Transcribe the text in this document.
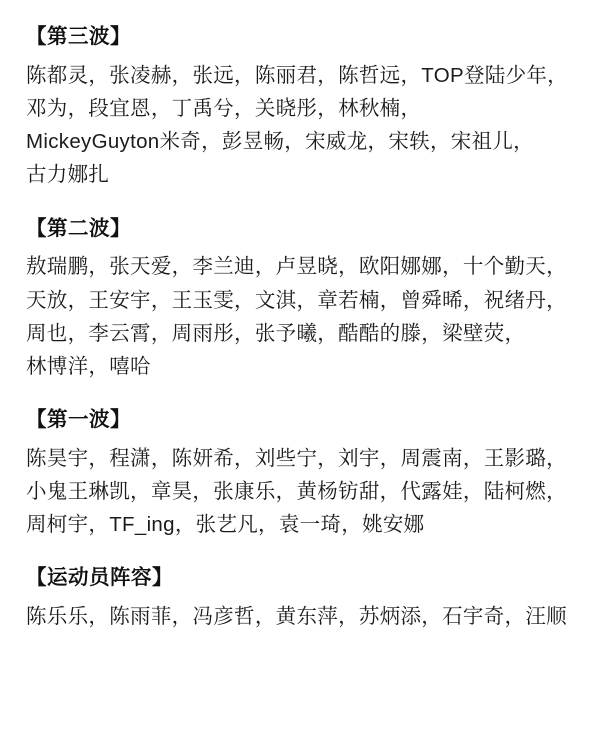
【第三波】
陈都灵，张凌赫，张远，陈丽君，陈哲远，TOP登陆少年，邓为，段宜恩，丁禹兮，关晓彤，林秋楠，MickeyGuyton米奇，彭昱畅，宋威龙，宋轶，宋祖儿，古力娜扎
【第二波】
敖瑞鹏，张天爱，李兰迪，卢昱晓，欧阳娜娜，十个勤天，天放，王安宇，王玉雯，文淇，章若楠，曾舜晞，祝绪丹，周也，李云霄，周雨彤，张予曦，酷酷的滕，梁壁荧，林博洋，嘻哈
【第一波】
陈昊宇，程潇，陈妍希，刘些宁，刘宇，周震南，王影璐，小鬼王琳凯，章昊，张康乐，黄杨钫甜，代露娃，陆柯燃，周柯宇，TF_ing，张艺凡，袁一琦，姚安娜
【运动员阵容】
陈乐乐，陈雨菲，冯彦哲，黄东萍，苏炳添，石宇奇，汪顺
